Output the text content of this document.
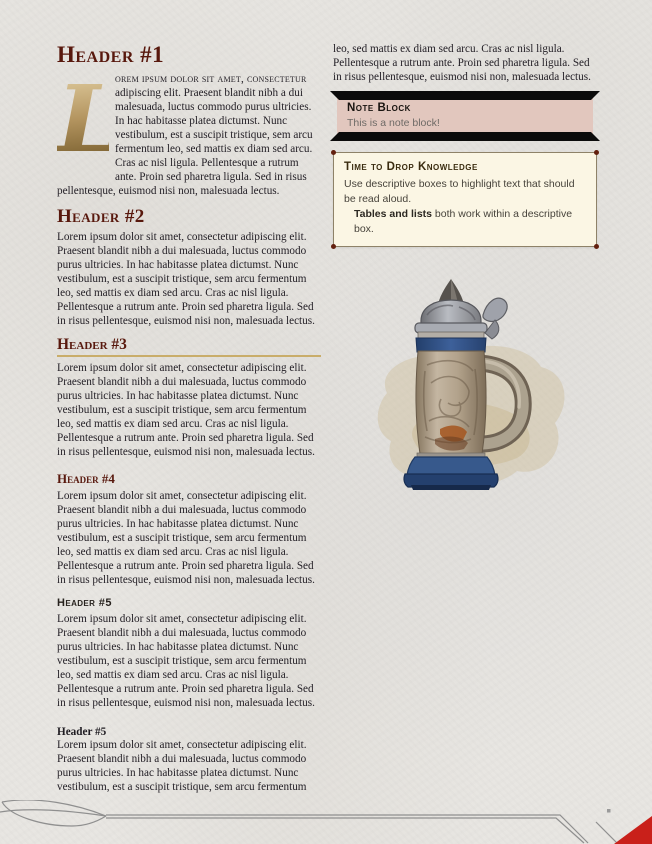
Header #1

L
orem ipsum dolor sit amet, consectetur adipiscing elit. Praesent blandit nibh a dui malesuada, luctus commodo purus ultricies. In hac habitasse platea dictumst. Nunc vestibulum, est a suscipit tristique, sem arcu fermentum leo, sed mattis ex diam sed arcu. Cras ac nisl ligula. Pellentesque a rutrum ante. Proin sed pharetra ligula. Sed in risus pellentesque, euismod nisi non, malesuada lectus.

Header #2

Lorem ipsum dolor sit amet, consectetur adipiscing elit. Praesent blandit nibh a dui malesuada, luctus commodo purus ultricies. In hac habitasse platea dictumst. Nunc vestibulum, est a suscipit tristique, sem arcu fermentum leo, sed mattis ex diam sed arcu. Cras ac nisl ligula. Pellentesque a rutrum ante. Proin sed pharetra ligula. Sed in risus pellentesque, euismod nisi non, malesuada lectus.

Header #3

Lorem ipsum dolor sit amet, consectetur adipiscing elit. Praesent blandit nibh a dui malesuada, luctus commodo purus ultricies. In hac habitasse platea dictumst. Nunc vestibulum, est a suscipit tristique, sem arcu fermentum leo, sed mattis ex diam sed arcu. Cras ac nisl ligula. Pellentesque a rutrum ante. Proin sed pharetra ligula. Sed in risus pellentesque, euismod nisi non, malesuada lectus.

Header #4

Lorem ipsum dolor sit amet, consectetur adipiscing elit. Praesent blandit nibh a dui malesuada, luctus commodo purus ultricies. In hac habitasse platea dictumst. Nunc vestibulum, est a suscipit tristique, sem arcu fermentum leo, sed mattis ex diam sed arcu. Cras ac nisl ligula. Pellentesque a rutrum ante. Proin sed pharetra ligula. Sed in risus pellentesque, euismod nisi non, malesuada lectus.

Header #5

Lorem ipsum dolor sit amet, consectetur adipiscing elit. Praesent blandit nibh a dui malesuada, luctus commodo purus ultricies. In hac habitasse platea dictumst. Nunc vestibulum, est a suscipit tristique, sem arcu fermentum leo, sed mattis ex diam sed arcu. Cras ac nisl ligula. Pellentesque a rutrum ante. Proin sed pharetra ligula. Sed in risus pellentesque, euismod nisi non, malesuada lectus.

Header #5

Lorem ipsum dolor sit amet, consectetur adipiscing elit. Praesent blandit nibh a dui malesuada, luctus commodo purus ultricies. In hac habitasse platea dictumst. Nunc vestibulum, est a suscipit tristique, sem arcu fermentum

leo, sed mattis ex diam sed arcu. Cras ac nisl ligula. Pellentesque a rutrum ante. Proin sed pharetra ligula. Sed in risus pellentesque, euismod nisi non, malesuada lectus.

Note Block
This is a note block!
Time to Drop Knowledge

Use descriptive boxes to highlight text that should be read aloud.

Tables and lists both work within a descriptive box.
